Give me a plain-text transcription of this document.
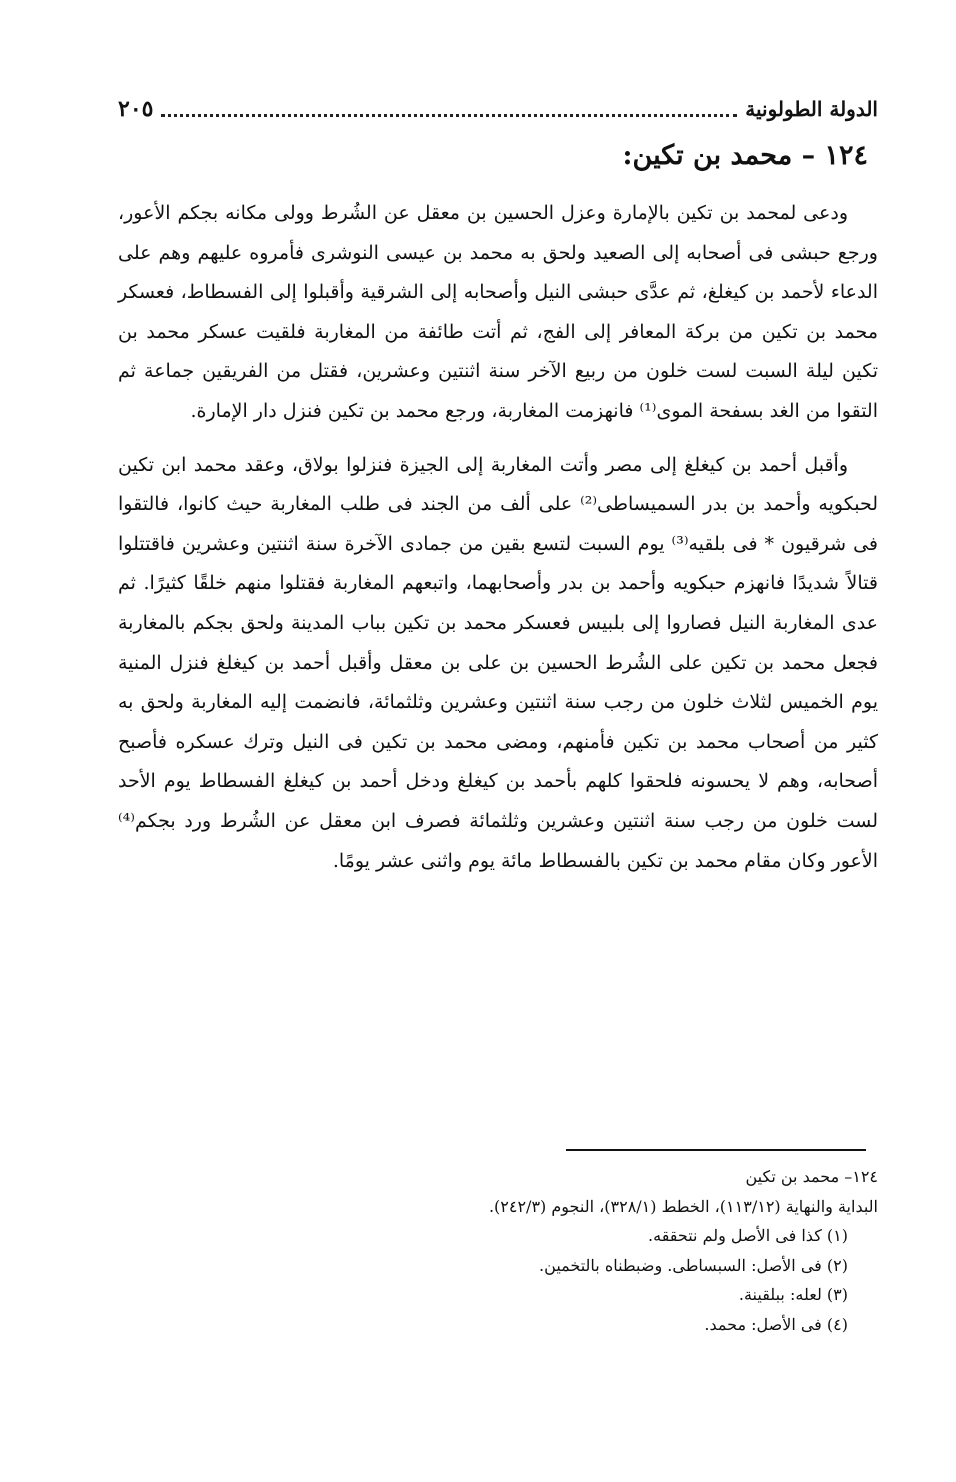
الدولة الطولونية
٢٠٥
١٢٤ – محمد بن تكين:

ودعى لمحمد بن تكين بالإمارة وعزل الحسين بن معقل عن الشُرط وولى مكانه بجكم الأعور، ورجع حبشى فى أصحابه إلى الصعيد ولحق به محمد بن عيسى النوشرى فأمروه عليهم وهم على الدعاء لأحمد بن كيغلغ، ثم عدَّى حبشى النيل وأصحابه إلى الشرقية وأقبلوا إلى الفسطاط، فعسكر محمد بن تكين من بركة المعافر إلى الفج، ثم أتت طائفة من المغاربة فلقيت عسكر محمد بن تكين ليلة السبت لست خلون من ربيع الآخر سنة اثنتين وعشرين، فقتل من الفريقين جماعة ثم التقوا من الغد بسفحة الموى⁽¹⁾ فانهزمت المغاربة، ورجع محمد بن تكين فنزل دار الإمارة.

وأقبل أحمد بن كيغلغ إلى مصر وأتت المغاربة إلى الجيزة فنزلوا بولاق، وعقد محمد ابن تكين لحبكويه وأحمد بن بدر السميساطى⁽²⁾ على ألف من الجند فى طلب المغاربة حيث كانوا، فالتقوا فى شرقيون * فى بلقيه⁽³⁾ يوم السبت لتسع بقين من جمادى الآخرة سنة اثنتين وعشرين فاقتتلوا قتالاً شديدًا فانهزم حبكويه وأحمد بن بدر وأصحابهما، واتبعهم المغاربة فقتلوا منهم خلقًا كثيرًا. ثم عدى المغاربة النيل فصاروا إلى بلبيس فعسكر محمد بن تكين بباب المدينة ولحق بجكم بالمغاربة فجعل محمد بن تكين على الشُرط الحسين بن على بن معقل وأقبل أحمد بن كيغلغ فنزل المنية يوم الخميس لثلاث خلون من رجب سنة اثنتين وعشرين وثلثمائة، فانضمت إليه المغاربة ولحق به كثير من أصحاب محمد بن تكين فأمنهم، ومضى محمد بن تكين فى النيل وترك عسكره فأصبح أصحابه، وهم لا يحسونه فلحقوا كلهم بأحمد بن كيغلغ ودخل أحمد بن كيغلغ الفسطاط يوم الأحد لست خلون من رجب سنة اثنتين وعشرين وثلثمائة فصرف ابن معقل عن الشُرط ورد بجكم⁽⁴⁾ الأعور وكان مقام محمد بن تكين بالفسطاط مائة يوم واثنى عشر يومًا.

١٢٤– محمد بن تكين
البداية والنهاية (١١٣/١٢)، الخطط (٣٢٨/١)، النجوم (٢٤٢/٣).
(١) كذا فى الأصل ولم نتحققه.
(٢) فى الأصل: السبساطى. وضبطناه بالتخمين.
(٣) لعله: ببلقينة.
(٤) فى الأصل: محمد.
